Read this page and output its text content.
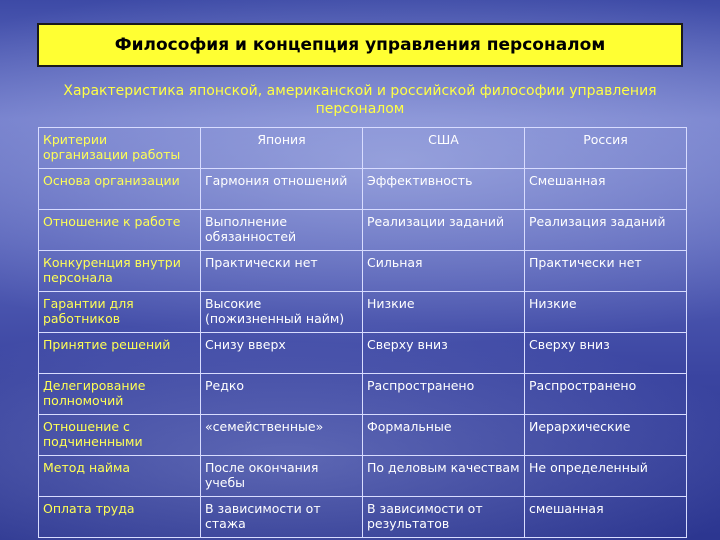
Философия и концепция управления персоналом
Характеристика японской, американской и российской философии управления персоналом
Критерии организации работы	Япония	США	Россия
Основа организации	Гармония отношений	Эффективность	Смешанная
Отношение к работе	Выполнение обязанностей	Реализации заданий	Реализация заданий
Конкуренция внутри персонала	Практически нет	Сильная	Практически нет
Гарантии для работников	Высокие (пожизненный найм)	Низкие	Низкие
Принятие решений	Снизу вверх	Сверху вниз	Сверху вниз
Делегирование полномочий	Редко	Распространено	Распространено
Отношение с подчиненными	«семейственные»	Формальные	Иерархические
Метод найма	После окончания учебы	По деловым качествам	Не определенный
Оплата труда	В зависимости от стажа	В зависимости от результатов	смешанная
